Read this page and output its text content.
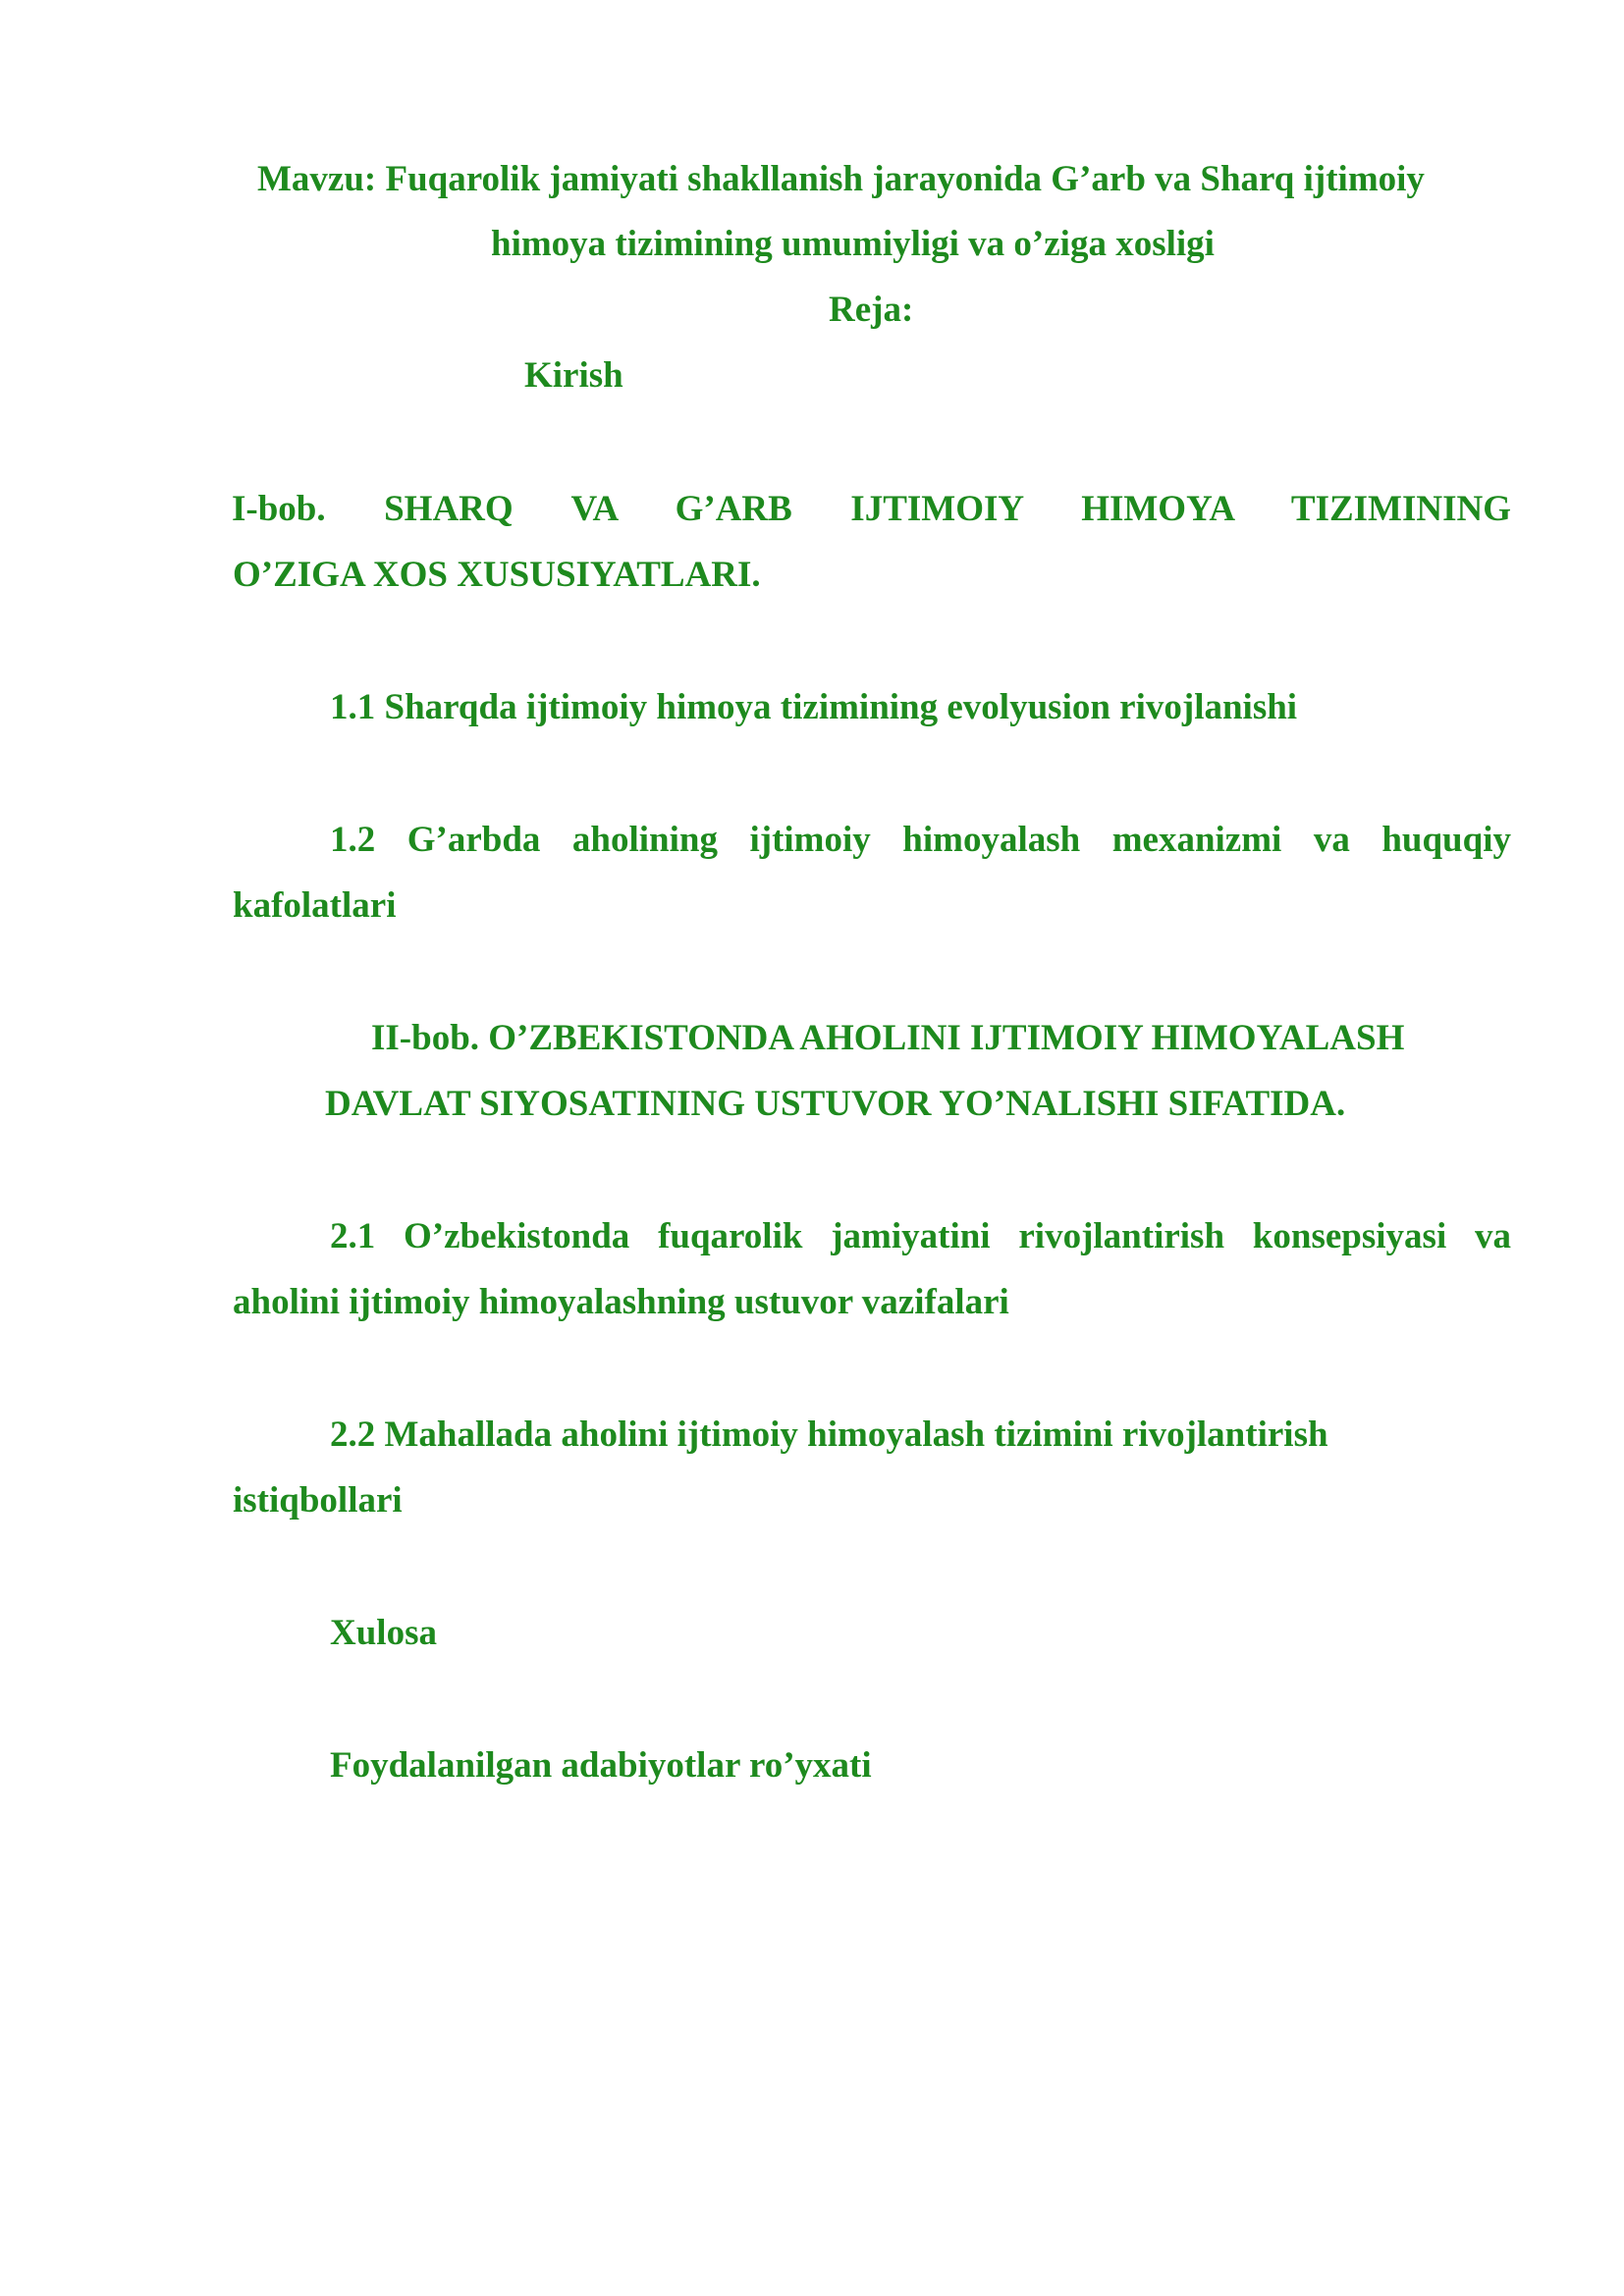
Mavzu: Fuqarolik jamiyati shakllanish jarayonida G’arb va Sharq ijtimoiy
himoya tizimining umumiyligi va o’ziga xosligi
Reja:
Kirish
I-bob. SHARQ VA G’ARB IJTIMOIY HIMOYA TIZIMINING
O’ZIGA XOS XUSUSIYATLARI.
1.1 Sharqda ijtimoiy himoya tizimining evolyusion rivojlanishi
1.2 G’arbda aholining ijtimoiy himoyalash mexanizmi va huquqiy
kafolatlari
II-bob. O’ZBEKISTONDA AHOLINI IJTIMOIY HIMOYALASH
DAVLAT SIYOSATINING USTUVOR YO’NALISHI SIFATIDA.
2.1 O’zbekistonda fuqarolik jamiyatini rivojlantirish konsepsiyasi va
aholini ijtimoiy himoyalashning ustuvor vazifalari
2.2 Mahallada aholini ijtimoiy himoyalash tizimini rivojlantirish
istiqbollari
Xulosa
Foydalanilgan adabiyotlar ro’yxati
